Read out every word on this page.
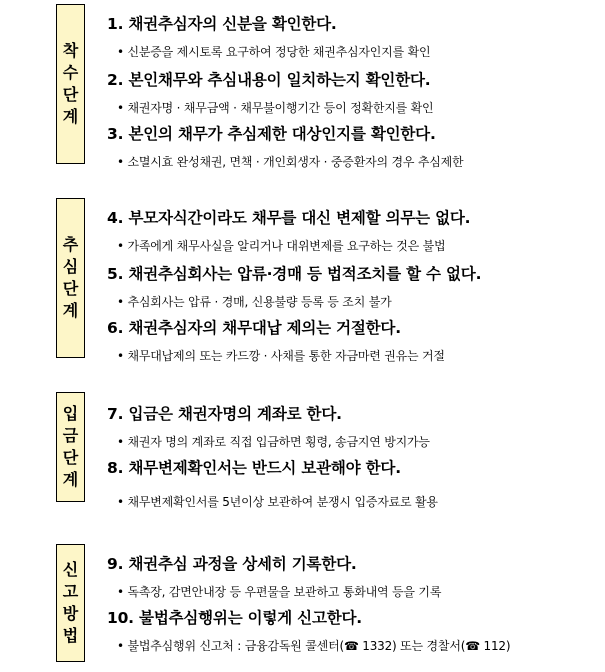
착
수
단
계
1. 채권추심자의 신분을 확인한다.
• 신분증을 제시토록 요구하여 정당한 채권추심자인지를 확인
2. 본인채무와 추심내용이 일치하는지 확인한다.
• 채권자명 · 채무금액 · 채무불이행기간 등이 정확한지를 확인
3. 본인의 채무가 추심제한 대상인지를 확인한다.
• 소멸시효 완성채권, 면책 · 개인회생자 · 중증환자의 경우 추심제한
추
심
단
계
4. 부모자식간이라도 채무를 대신 변제할 의무는 없다.
• 가족에게 채무사실을 알리거나 대위변제를 요구하는 것은 불법
5. 채권추심회사는 압류·경매 등 법적조치를 할 수 없다.
• 추심회사는 압류 · 경매, 신용불량 등록 등 조치 불가
6. 채권추심자의 채무대납 제의는 거절한다.
• 채무대납제의 또는 카드깡 · 사채를 통한 자금마련 권유는 거절
입
금
단
계
7. 입금은 채권자명의 계좌로 한다.
• 채권자 명의 계좌로 직접 입금하면 횡령, 송금지연 방지가능
8. 채무변제확인서는 반드시 보관해야 한다.
• 채무변제확인서를 5년이상 보관하여 분쟁시 입증자료로 활용
신
고
방
법
9. 채권추심 과정을 상세히 기록한다.
• 독촉장, 감면안내장 등 우편물을 보관하고 통화내역 등을 기록
10. 불법추심행위는 이렇게 신고한다.
• 불법추심행위 신고처 : 금융감독원 콜센터(☎ 1332) 또는 경찰서(☎ 112)
